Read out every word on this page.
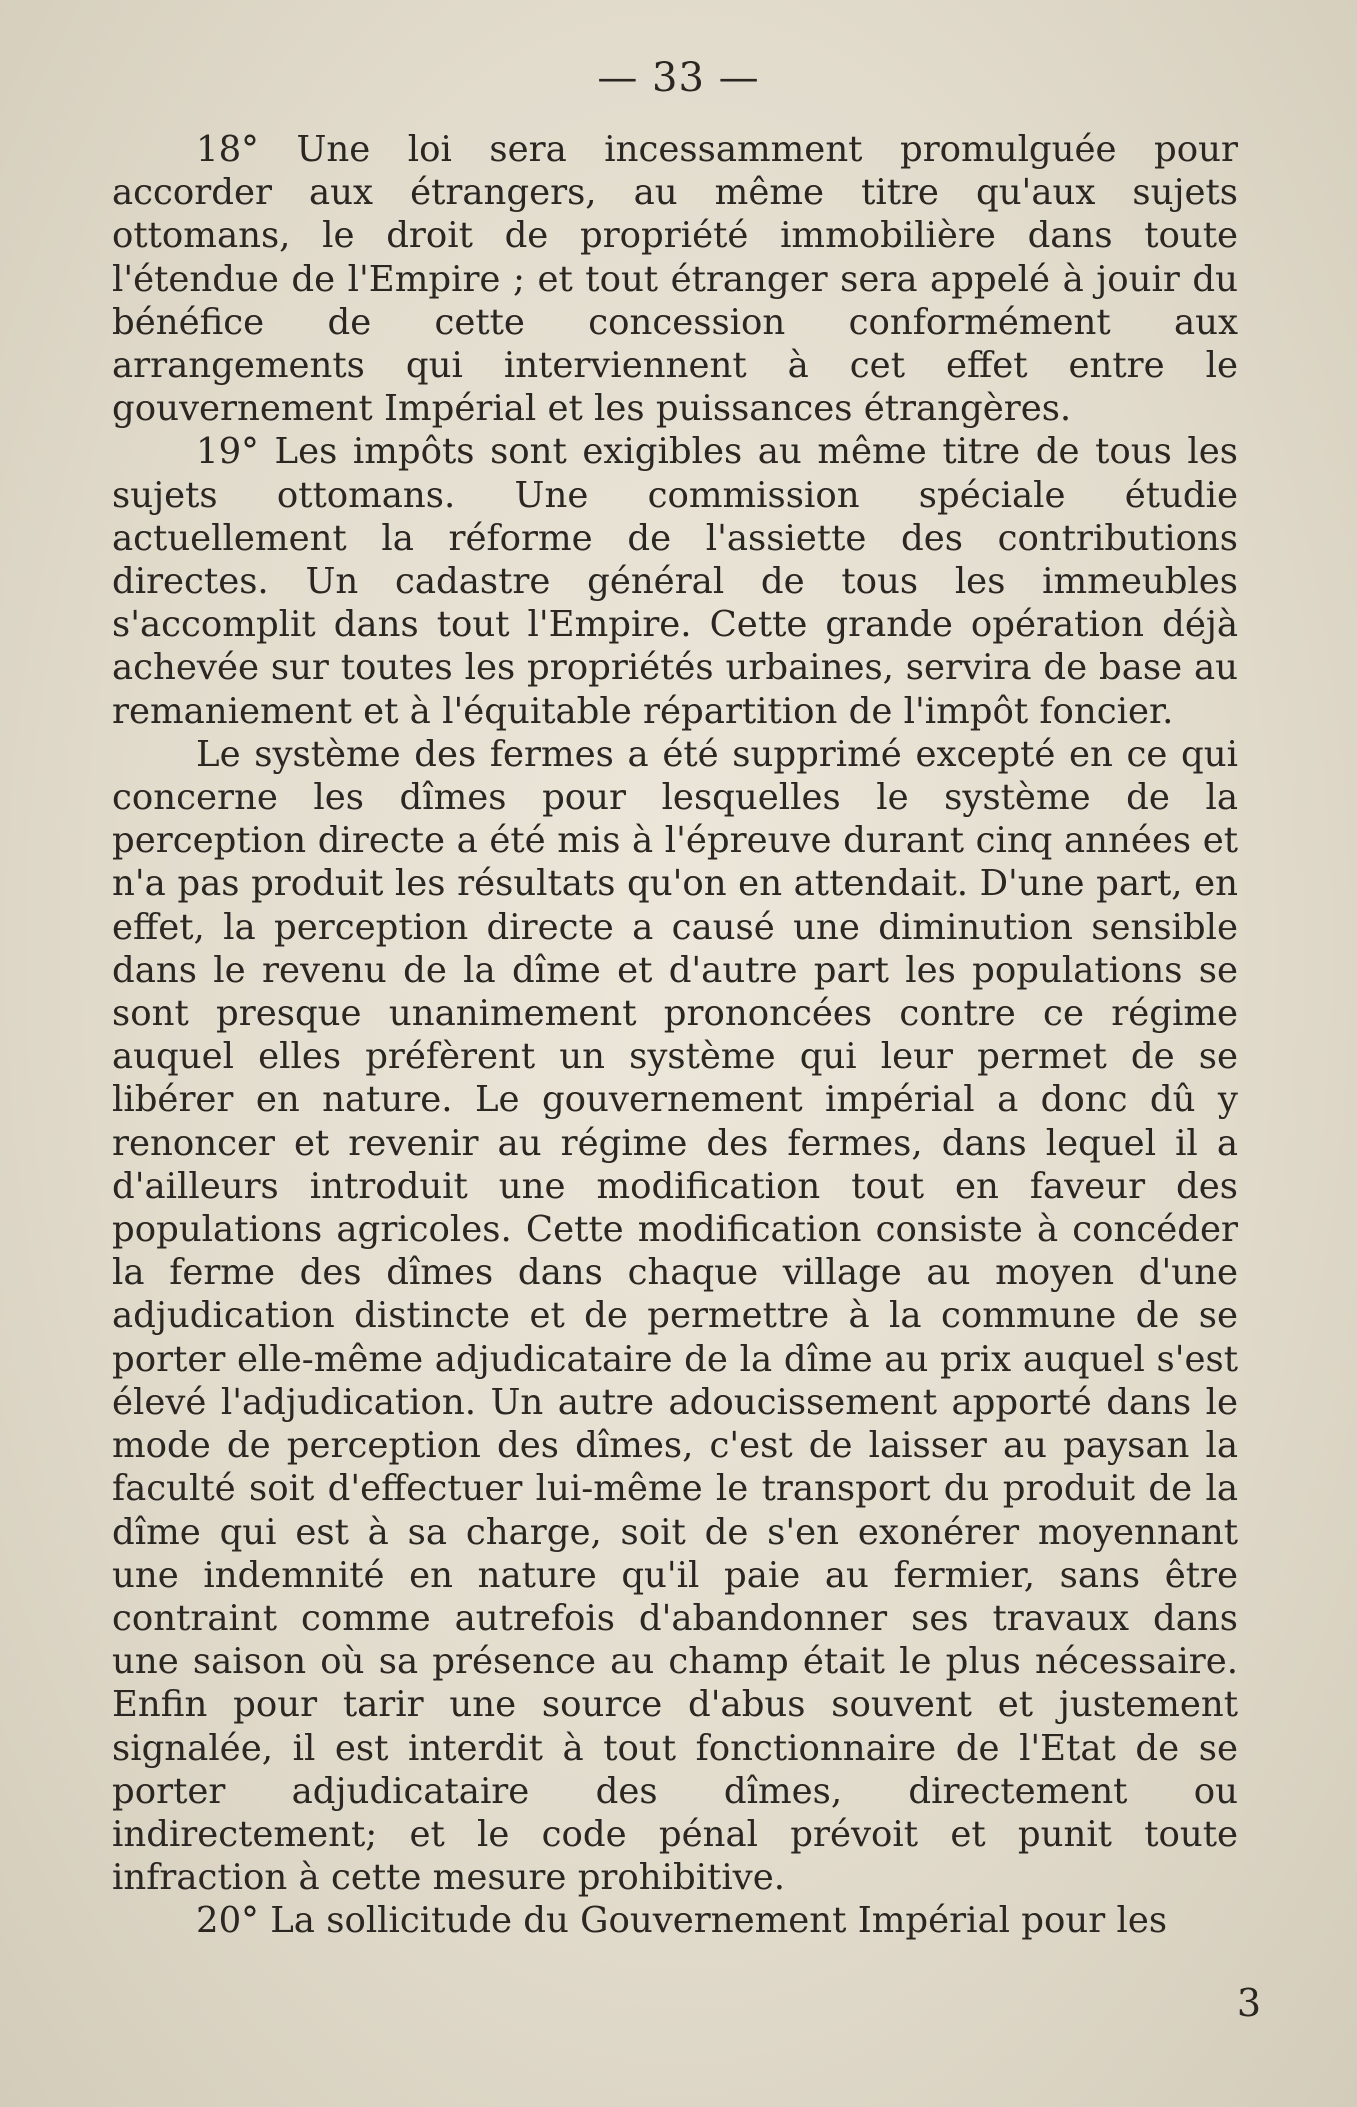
— 33 —

18° Une loi sera incessamment promulguée pour accorder aux étrangers, au même titre qu'aux sujets ottomans, le droit de propriété immobilière dans toute l'étendue de l'Empire ; et tout étranger sera appelé à jouir du bénéfice de cette concession conformément aux arrangements qui interviennent à cet effet entre le gouvernement Impérial et les puissances étrangères.

19° Les impôts sont exigibles au même titre de tous les sujets ottomans. Une commission spéciale étudie actuellement la réforme de l'assiette des contributions directes. Un cadastre général de tous les immeubles s'accomplit dans tout l'Empire. Cette grande opération déjà achevée sur toutes les propriétés urbaines, servira de base au remaniement et à l'équitable répartition de l'impôt foncier.

Le système des fermes a été supprimé excepté en ce qui concerne les dîmes pour lesquelles le système de la perception directe a été mis à l'épreuve durant cinq années et n'a pas produit les résultats qu'on en attendait. D'une part, en effet, la perception directe a causé une diminution sensible dans le revenu de la dîme et d'autre part les populations se sont presque unanimement prononcées contre ce régime auquel elles préfèrent un système qui leur permet de se libérer en nature. Le gouvernement impérial a donc dû y renoncer et revenir au régime des fermes, dans lequel il a d'ailleurs introduit une modification tout en faveur des populations agricoles. Cette modification consiste à concéder la ferme des dîmes dans chaque village au moyen d'une adjudication distincte et de permettre à la commune de se porter elle-même adjudicataire de la dîme au prix auquel s'est élevé l'adjudication. Un autre adoucissement apporté dans le mode de perception des dîmes, c'est de laisser au paysan la faculté soit d'effectuer lui-même le transport du produit de la dîme qui est à sa charge, soit de s'en exonérer moyennant une indemnité en nature qu'il paie au fermier, sans être contraint comme autrefois d'abandonner ses travaux dans une saison où sa présence au champ était le plus nécessaire. Enfin pour tarir une source d'abus souvent et justement signalée, il est interdit à tout fonctionnaire de l'Etat de se porter adjudicataire des dîmes, directement ou indirectement; et le code pénal prévoit et punit toute infraction à cette mesure prohibitive.

20° La sollicitude du Gouvernement Impérial pour les

3
